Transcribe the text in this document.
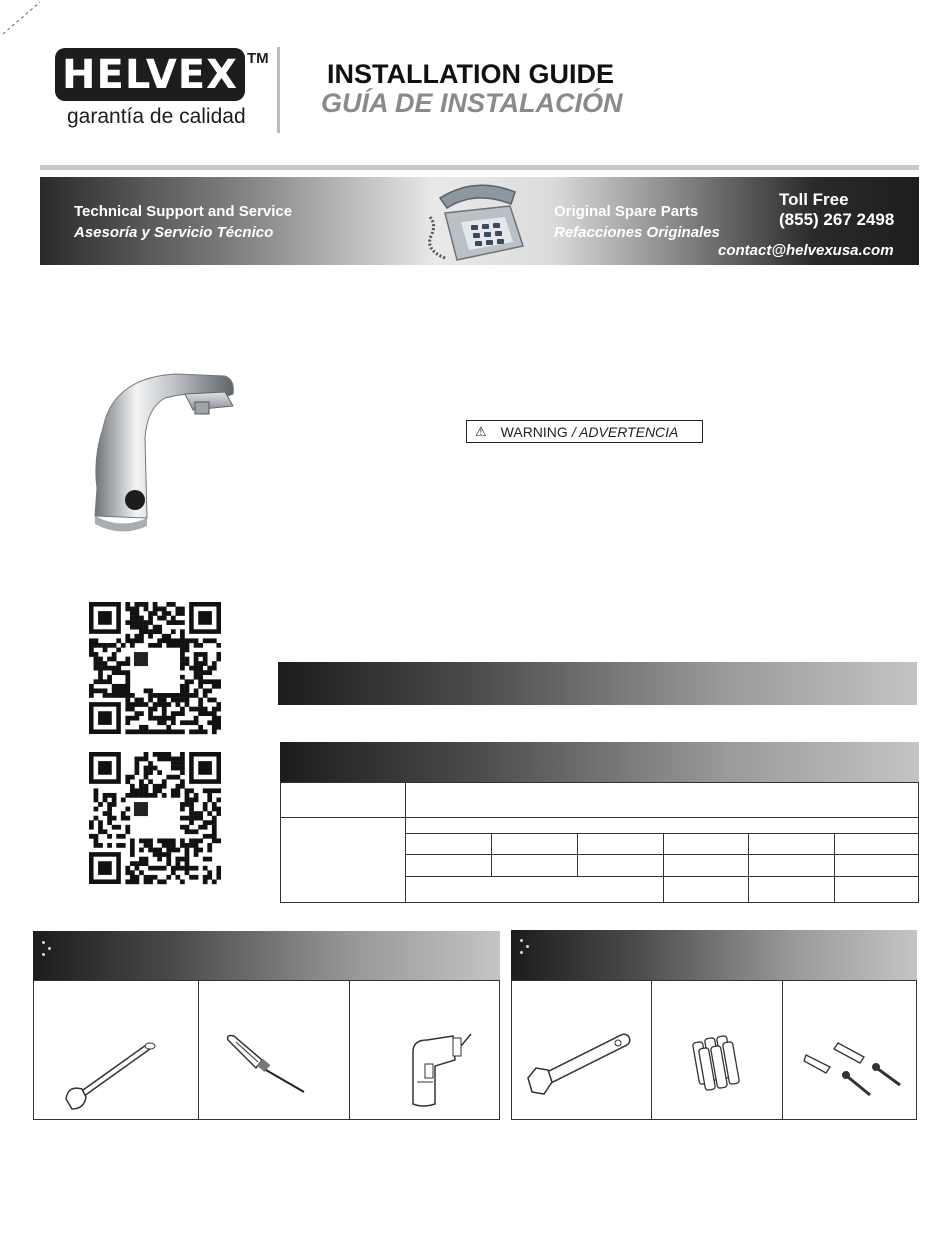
HELVEX TM
garantía de calidad
INSTALLATION GUIDE
GUÍA DE INSTALACIÓN
Technical Support and Service
Asesoría y Servicio Técnico
Original Spare Parts
Refacciones Originales
Toll Free
(855) 267 2498
contact@helvexusa.com
⚠ WARNING / ADVERTENCIA
